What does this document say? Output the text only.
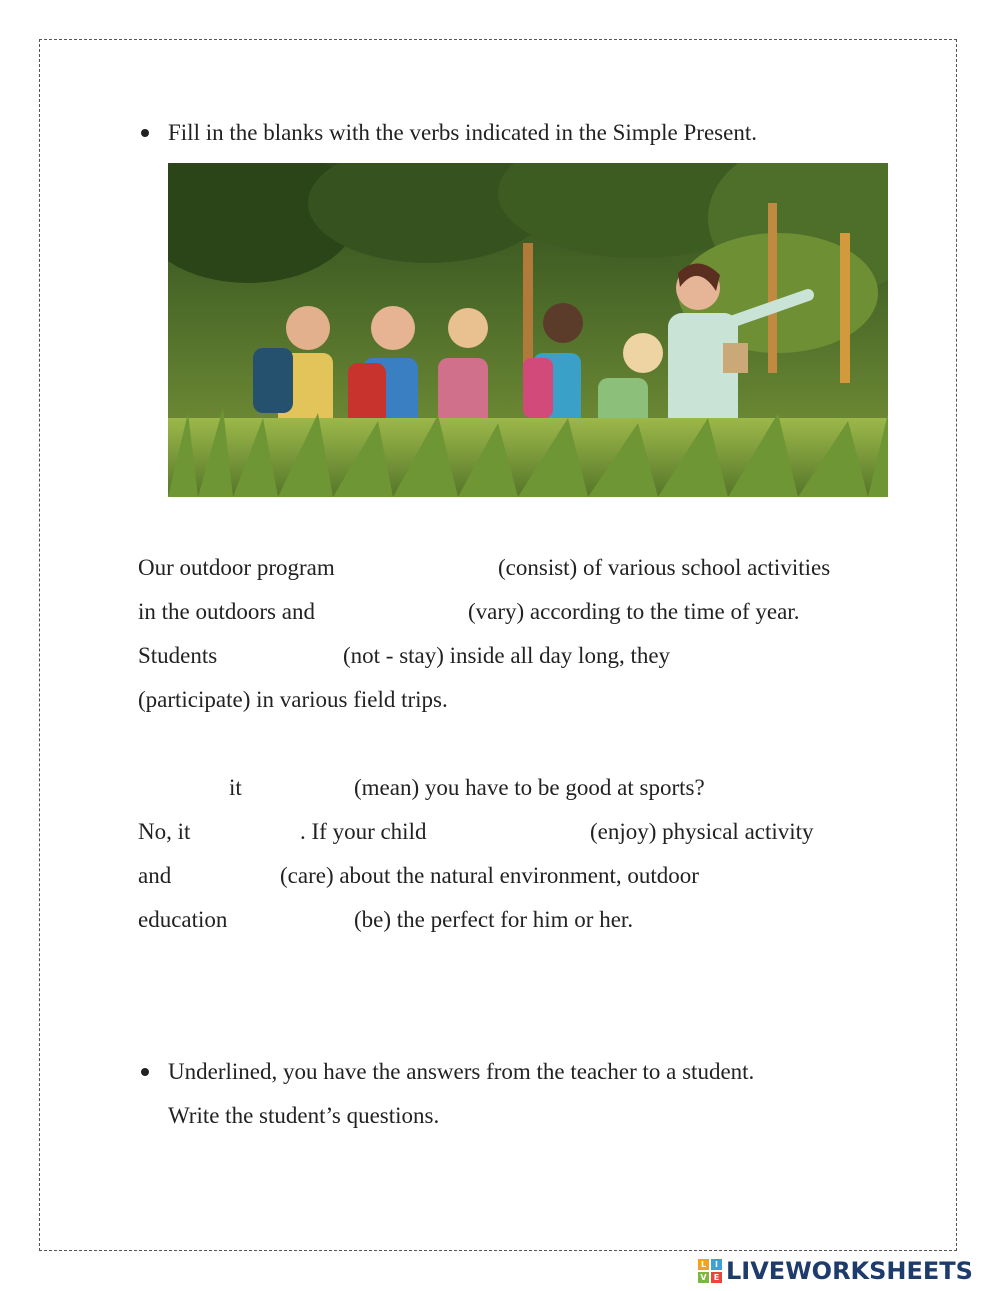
Fill in the blanks with the verbs indicated in the Simple Present.
Our outdoor program	(consist) of various school activities
in the outdoors and	(vary) according to the time of year.
Students	(not - stay) inside all day long, they
(participate) in various field trips.
it	(mean) you have to be good at sports?
No, it	. If your child	(enjoy) physical activity
and	(care) about the natural environment, outdoor
education	(be) the perfect for him or her.
Underlined, you have the answers from the teacher to a student.
Write the student’s questions.
L	I
V E LIVEWORKSHEETS
